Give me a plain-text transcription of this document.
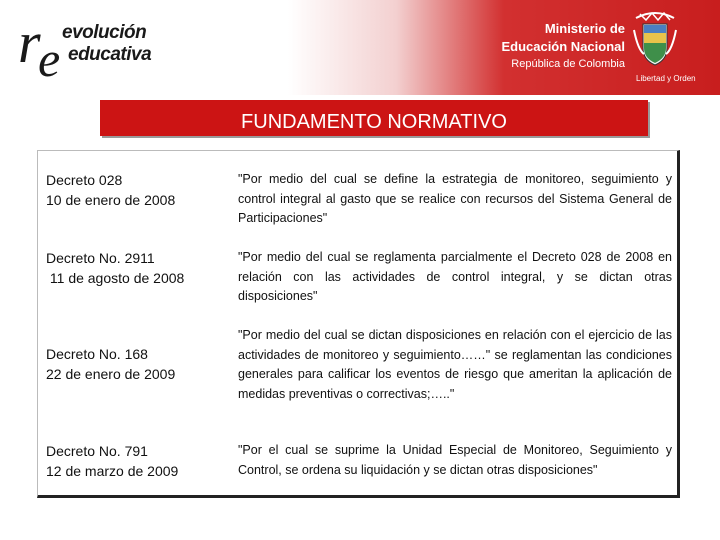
r
e evolución
educativa
Ministerio de
Educación Nacional
República de Colombia
Libertad y Orden
FUNDAMENTO NORMATIVO
Decreto 028
10 de enero de 2008
"Por medio del cual se define la estrategia de monitoreo, seguimiento y control integral al gasto que se realice con recursos del Sistema General de Participaciones"
Decreto No. 2911
11 de agosto de 2008
"Por medio del cual se reglamenta parcialmente el Decreto 028 de 2008 en relación con las actividades de control integral, y se dictan otras disposiciones"
Decreto No. 168
22 de enero de 2009
"Por medio del cual se dictan disposiciones en relación con el ejercicio de las actividades de monitoreo y seguimiento……" se reglamentan las condiciones generales para calificar los eventos de riesgo que ameritan la aplicación de medidas preventivas o correctivas;….."
Decreto No. 791
12 de marzo de 2009
"Por el cual se suprime la Unidad Especial de Monitoreo, Seguimiento y Control, se ordena su liquidación y se dictan otras disposiciones"
